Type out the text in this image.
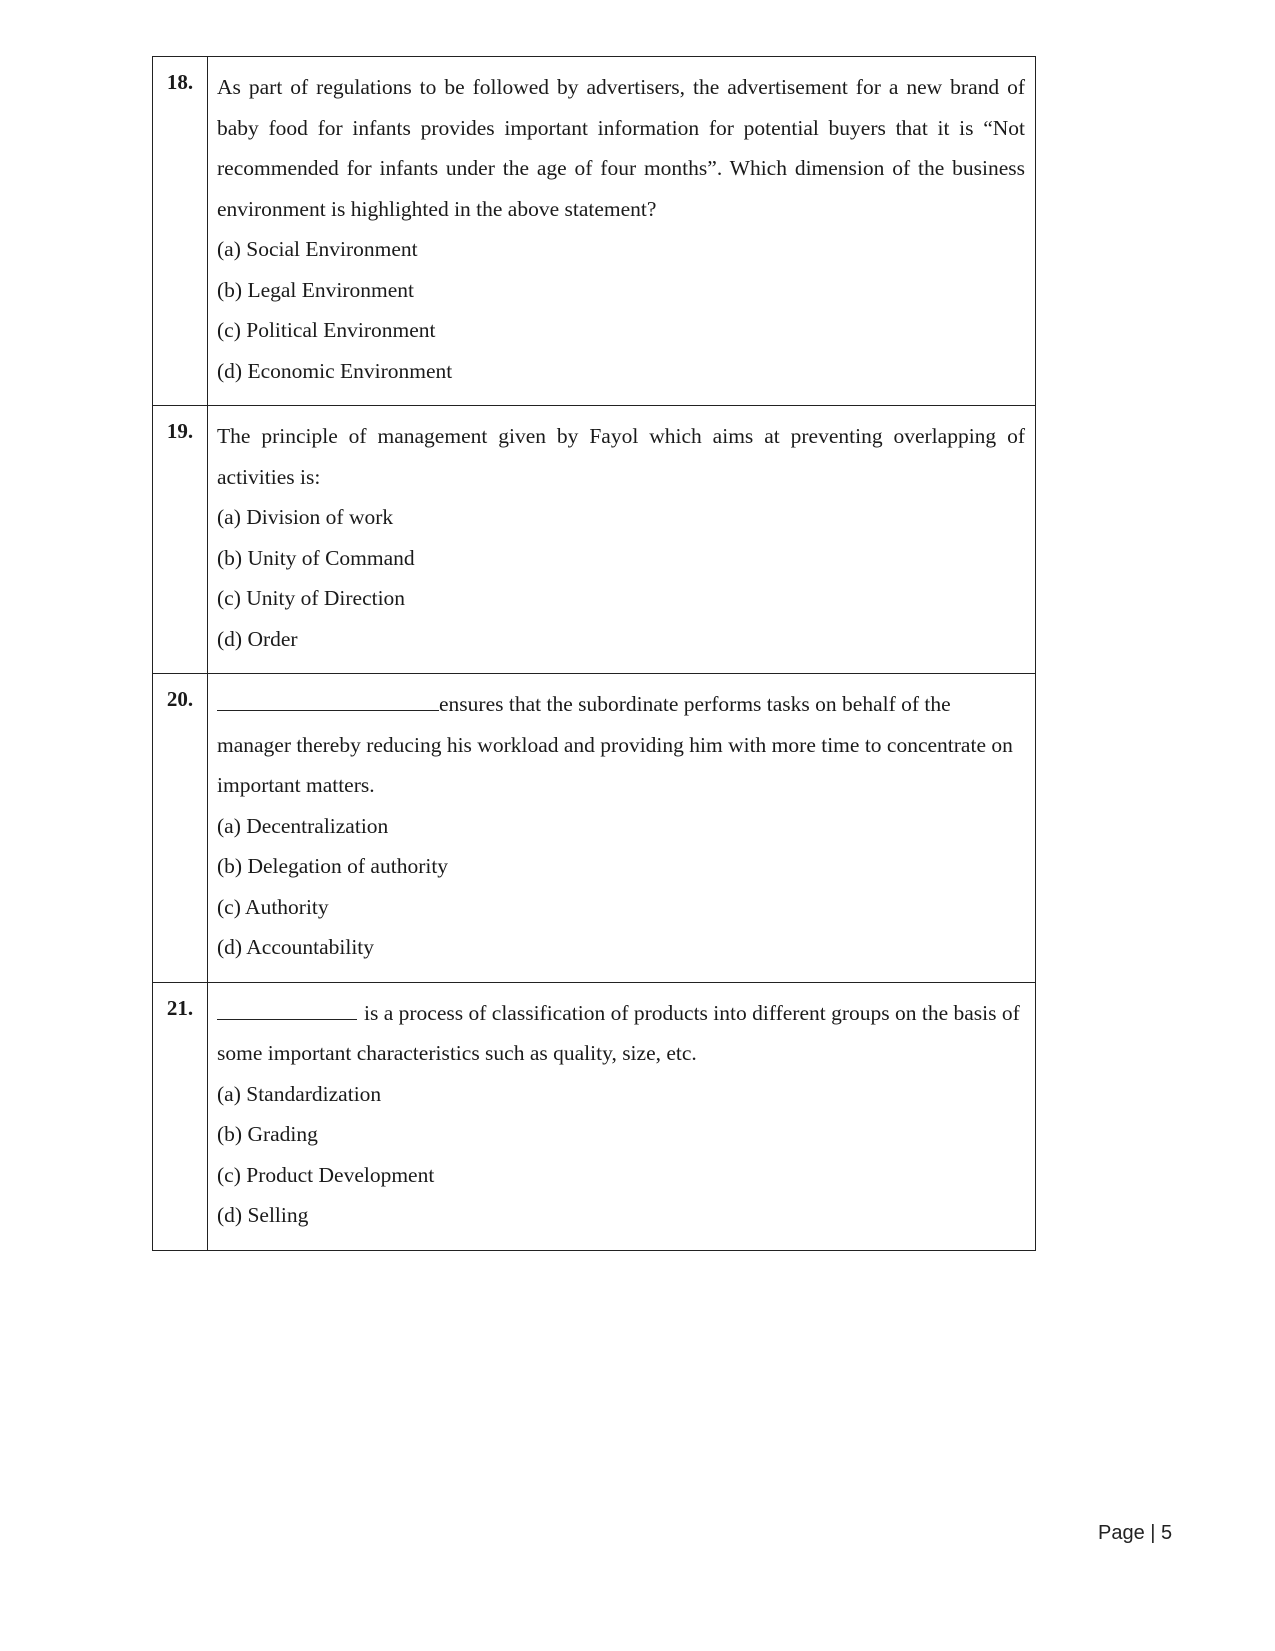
18.	As part of regulations to be followed by advertisers, the advertisement for a new brand of baby food for infants provides important information for potential buyers that it is “Not recommended for infants under the age of four months”. Which dimension of the business environment is highlighted in the above statement?

(a) Social Environment

(b) Legal Environment

(c) Political Environment

(d) Economic Environment

19.	The principle of management given by Fayol which aims at preventing overlapping of activities is:

(a) Division of work

(b) Unity of Command

(c) Unity of Direction

(d) Order

20.	ensures that the subordinate performs tasks on behalf of the manager thereby reducing his workload and providing him with more time to concentrate on important matters.

(a) Decentralization

(b) Delegation of authority

(c) Authority

(d) Accountability

21.	is a process of classification of products into different groups on the basis of some important characteristics such as quality, size, etc.

(a) Standardization

(b) Grading

(c) Product Development

(d) Selling

Page | 5
